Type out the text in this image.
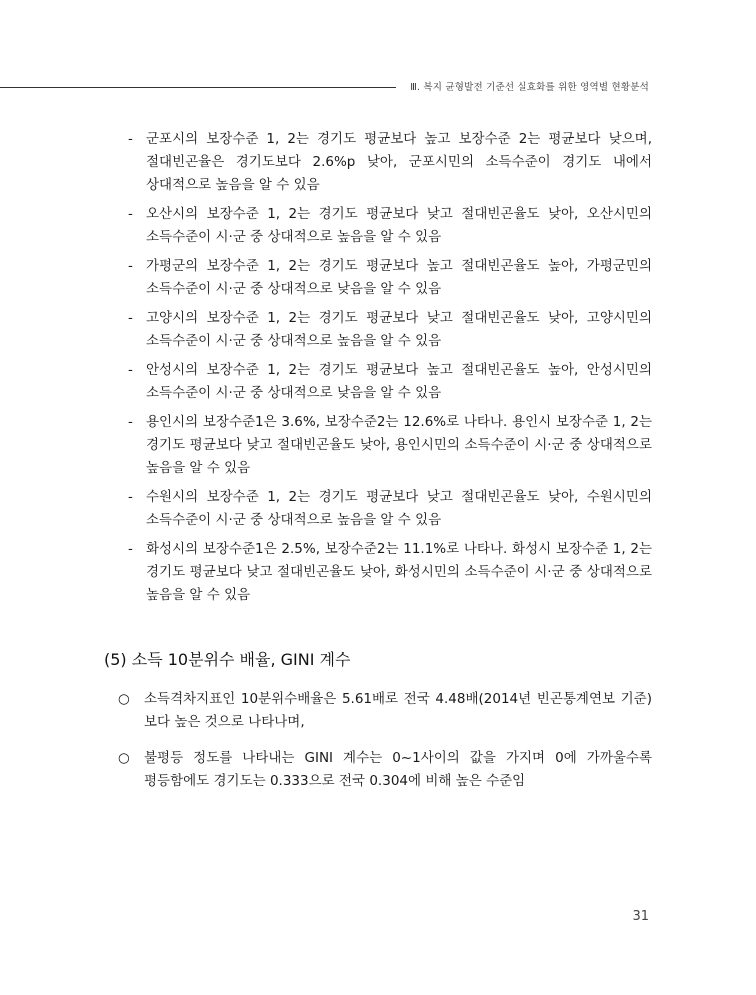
Ⅲ. 복지 균형발전 기준선 실효화를 위한 영역별 현황분석
- 군포시의 보장수준 1, 2는 경기도 평균보다 높고 보장수준 2는 평균보다 낮으며, 절대빈곤율은 경기도보다 2.6%p 낮아, 군포시민의 소득수준이 경기도 내에서 상대적으로 높음을 알 수 있음
- 오산시의 보장수준 1, 2는 경기도 평균보다 낮고 절대빈곤율도 낮아, 오산시민의 소득수준이 시·군 중 상대적으로 높음을 알 수 있음
- 가평군의 보장수준 1, 2는 경기도 평균보다 높고 절대빈곤율도 높아, 가평군민의 소득수준이 시·군 중 상대적으로 낮음을 알 수 있음
- 고양시의 보장수준 1, 2는 경기도 평균보다 낮고 절대빈곤율도 낮아, 고양시민의 소득수준이 시·군 중 상대적으로 높음을 알 수 있음
- 안성시의 보장수준 1, 2는 경기도 평균보다 높고 절대빈곤율도 높아, 안성시민의 소득수준이 시·군 중 상대적으로 낮음을 알 수 있음
- 용인시의 보장수준1은 3.6%, 보장수준2는 12.6%로 나타나. 용인시 보장수준 1, 2는 경기도 평균보다 낮고 절대빈곤율도 낮아, 용인시민의 소득수준이 시·군 중 상대적으로 높음을 알 수 있음
- 수원시의 보장수준 1, 2는 경기도 평균보다 낮고 절대빈곤율도 낮아, 수원시민의 소득수준이 시·군 중 상대적으로 높음을 알 수 있음
- 화성시의 보장수준1은 2.5%, 보장수준2는 11.1%로 나타나. 화성시 보장수준 1, 2는 경기도 평균보다 낮고 절대빈곤율도 낮아, 화성시민의 소득수준이 시·군 중 상대적으로 높음을 알 수 있음
(5) 소득 10분위수 배율, GINI 계수
○ 소득격차지표인 10분위수배율은 5.61배로 전국 4.48배(2014년 빈곤통계연보 기준)보다 높은 것으로 나타나며,
○ 불평등 정도를 나타내는 GINI 계수는 0~1사이의 값을 가지며 0에 가까울수록 평등함에도 경기도는 0.333으로 전국 0.304에 비해 높은 수준임
31
